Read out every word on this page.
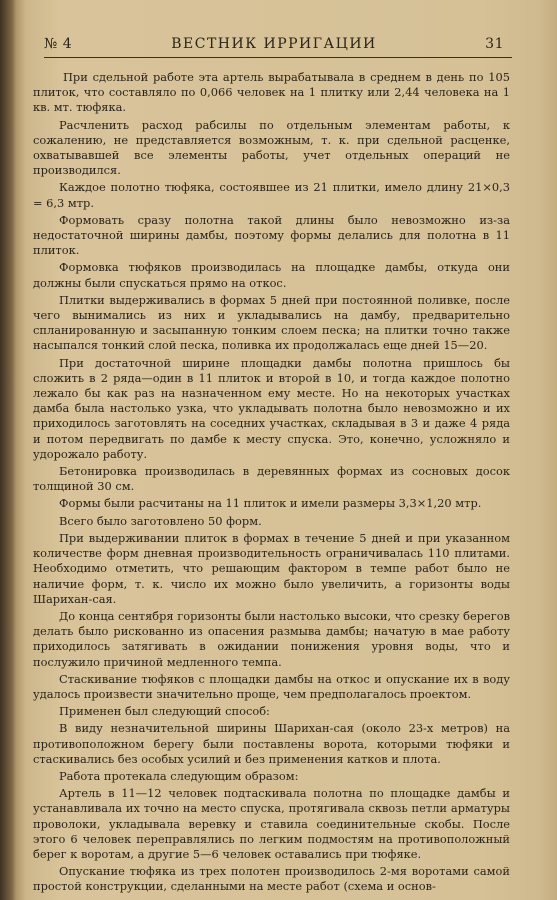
№ 4	ВЕСТНИК ИРРИГАЦИИ	31

При сдельной работе эта артель вырабатывала в среднем в день по 105 плиток, что составляло по 0,066 человек на 1 плитку или 2,44 человека на 1 кв. мт. тюфяка.

Расчленить расход рабсилы по отдельным элементам работы, к сожалению, не представляется возможным, т. к. при сдельной расценке, охватывавшей все элементы работы, учет отдельных операций не производился.

Каждое полотно тюфяка, состоявшее из 21 плитки, имело длину 21×0,3 = 6,3 мтр.

Формовать сразу полотна такой длины было невозможно из-за недостаточной ширины дамбы, поэтому формы делались для полотна в 11 плиток.

Формовка тюфяков производилась на площадке дамбы, откуда они должны были спускаться прямо на откос.

Плитки выдерживались в формах 5 дней при постоянной поливке, после чего вынимались из них и укладывались на дамбу, предварительно спланированную и засыпанную тонким слоем песка; на плитки точно также насыпался тонкий слой песка, поливка их продолжалась еще дней 15—20.

При достаточной ширине площадки дамбы полотна пришлось бы сложить в 2 ряда—один в 11 плиток и второй в 10, и тогда каждое полотно лежало бы как раз на назначенном ему месте. Но на некоторых участках дамба была настолько узка, что укладывать полотна было невозможно и их приходилось заготовлять на соседних участках, складывая в 3 и даже 4 ряда и потом передвигать по дамбе к месту спуска. Это, конечно, усложняло и удорожало работу.

Бетонировка производилась в деревянных формах из сосновых досок толщиной 30 см.

Формы были расчитаны на 11 плиток и имели размеры 3,3×1,20 мтр.

Всего было заготовлено 50 форм.

При выдерживании плиток в формах в течение 5 дней и при указанном количестве форм дневная производительность ограничивалась 110 плитами. Необходимо отметить, что решающим фактором в темпе работ было не наличие форм, т. к. число их можно было увеличить, а горизонты воды Шарихан-сая.

До конца сентября горизонты были настолько высоки, что срезку берегов делать было рискованно из опасения размыва дамбы; начатую в мае работу приходилось затягивать в ожидании понижения уровня воды, что и послужило причиной медленного темпа.

Стаскивание тюфяков с площадки дамбы на откос и опускание их в воду удалось произвести значительно проще, чем предполагалось проектом.

Применен был следующий способ:

В виду незначительной ширины Шарихан-сая (около 23-х метров) на противоположном берегу были поставлены ворота, которыми тюфяки и стаскивались без особых усилий и без применения катков и плота.

Работа протекала следующим образом:

Артель в 11—12 человек подтаскивала полотна по площадке дамбы и устанавливала их точно на место спуска, протягивала сквозь петли арматуры проволоки, укладывала веревку и ставила соединительные скобы. После этого 6 человек переправлялись по легким подмостям на противоположный берег к воротам, а другие 5—6 человек оставались при тюфяке.

Опускание тюфяка из трех полотен производилось 2-мя воротами самой простой конструкции, сделанными на месте работ (схема и основ-
